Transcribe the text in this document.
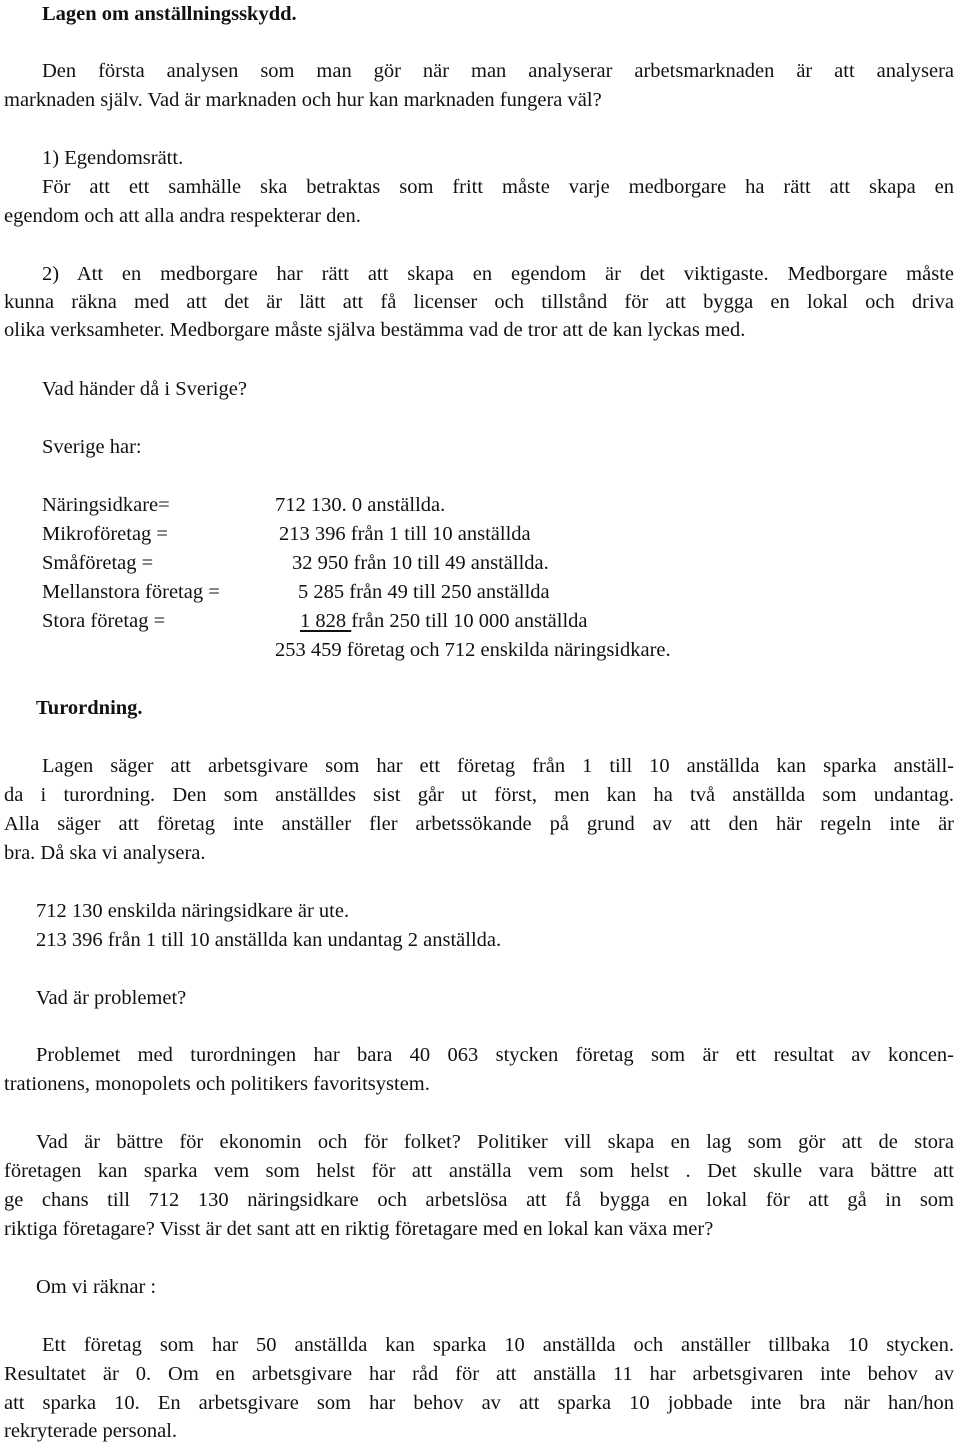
Lagen om anställningsskydd.
Den första analysen som man gör när man analyserar arbetsmarknaden är att analysera
marknaden själv. Vad är marknaden och hur kan marknaden fungera väl?
1) Egendomsrätt.
För att ett samhälle ska betraktas som fritt måste varje medborgare ha rätt att skapa en
egendom och att alla andra respekterar den.
2) Att en medborgare har rätt att skapa en egendom är det viktigaste. Medborgare måste
kunna räkna med att det är lätt att få licenser och tillstånd för att bygga en lokal och driva
olika verksamheter. Medborgare måste själva bestämma vad de tror att de kan lyckas med.
Vad händer då i Sverige?
Sverige har:
Näringsidkare=	712 130. 0 anställda.
Mikroföretag =	213 396 från 1 till 10 anställda
Småföretag =	32 950 från 10 till 49 anställda.
Mellanstora företag =	5 285 från 49 till 250 anställda
Stora företag =	1 828 från 250 till 10 000 anställda
253 459 företag och 712 enskilda näringsidkare.
Turordning.
Lagen säger att arbetsgivare som har ett företag från 1 till 10 anställda kan sparka anställ-
da i turordning. Den som anställdes sist går ut först, men kan ha två anställda som undantag.
Alla säger att företag inte anställer fler arbetssökande på grund av att den här regeln inte är
bra. Då ska vi analysera.
712 130 enskilda näringsidkare är ute.
213 396 från 1 till 10 anställda kan undantag 2 anställda.
Vad är problemet?
Problemet med turordningen har bara 40 063 stycken företag som är ett resultat av koncen-
trationens, monopolets och politikers favoritsystem.
Vad är bättre för ekonomin och för folket? Politiker vill skapa en lag som gör att de stora
företagen kan sparka vem som helst för att anställa vem som helst . Det skulle vara bättre att
ge chans till 712 130 näringsidkare och arbetslösa att få bygga en lokal för att gå in som
riktiga företagare? Visst är det sant att en riktig företagare med en lokal kan växa mer?
Om vi räknar :
Ett företag som har 50 anställda kan sparka 10 anställda och anställer tillbaka 10 stycken.
Resultatet är 0. Om en arbetsgivare har råd för att anställa 11 har arbetsgivaren inte behov av
att sparka 10. En arbetsgivare som har behov av att sparka 10 jobbade inte bra när han/hon
rekryterade personal.
